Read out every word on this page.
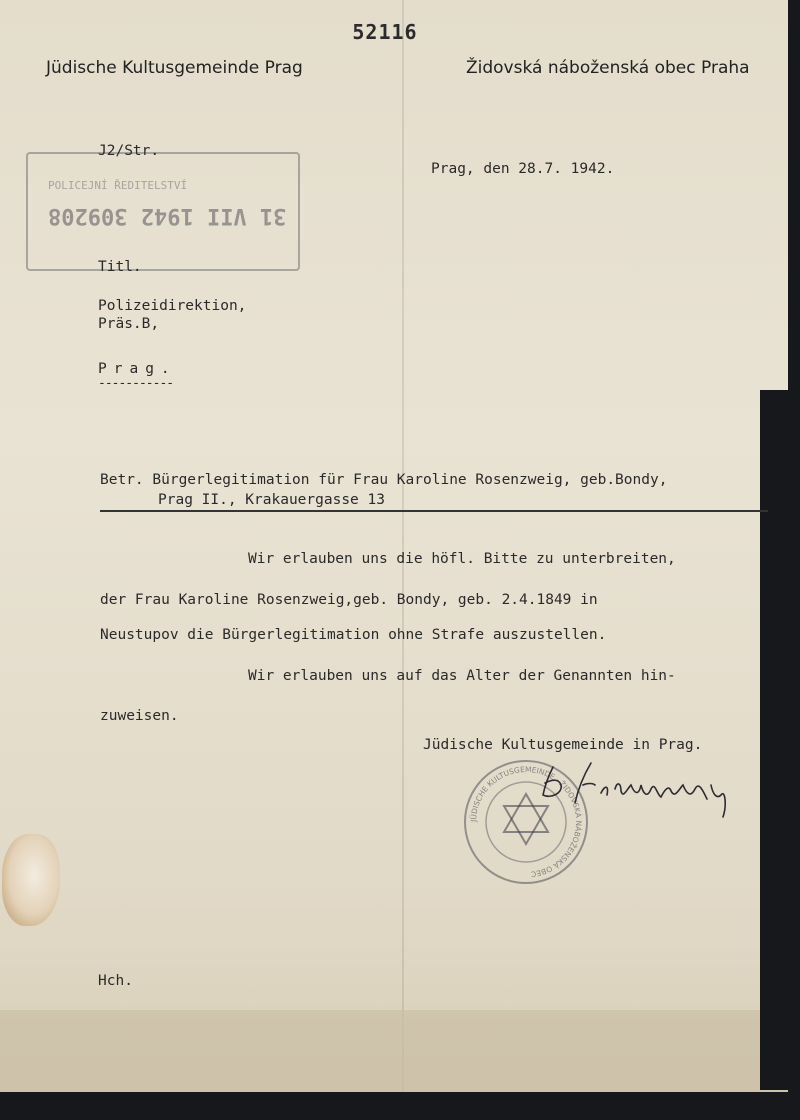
52116
Jüdische Kultusgemeinde Prag	Židovská náboženská obec Praha
POLICEJNÍ ŘEDITELSTVÍ
31 VII 1942 309208
J2/Str.
Prag, den 28.7. 1942.
Titl.
Polizeidirektion,
Präs.B,
Prag.
-----------
Betr. Bürgerlegitimation für Frau Karoline Rosenzweig, geb.Bondy,
Prag II., Krakauergasse 13
Wir erlauben uns die höfl. Bitte zu unterbreiten,
der Frau Karoline Rosenzweig,geb. Bondy, geb. 2.4.1849 in
Neustupov die Bürgerlegitimation ohne Strafe auszustellen.
Wir erlauben uns auf das Alter der Genannten hin-
zuweisen.
Jüdische Kultusgemeinde in Prag.
JÜDISCHE KULTUSGEMEINDE · ŽIDOVSKÁ NÁBOŽENSKÁ OBEC
Hch.
